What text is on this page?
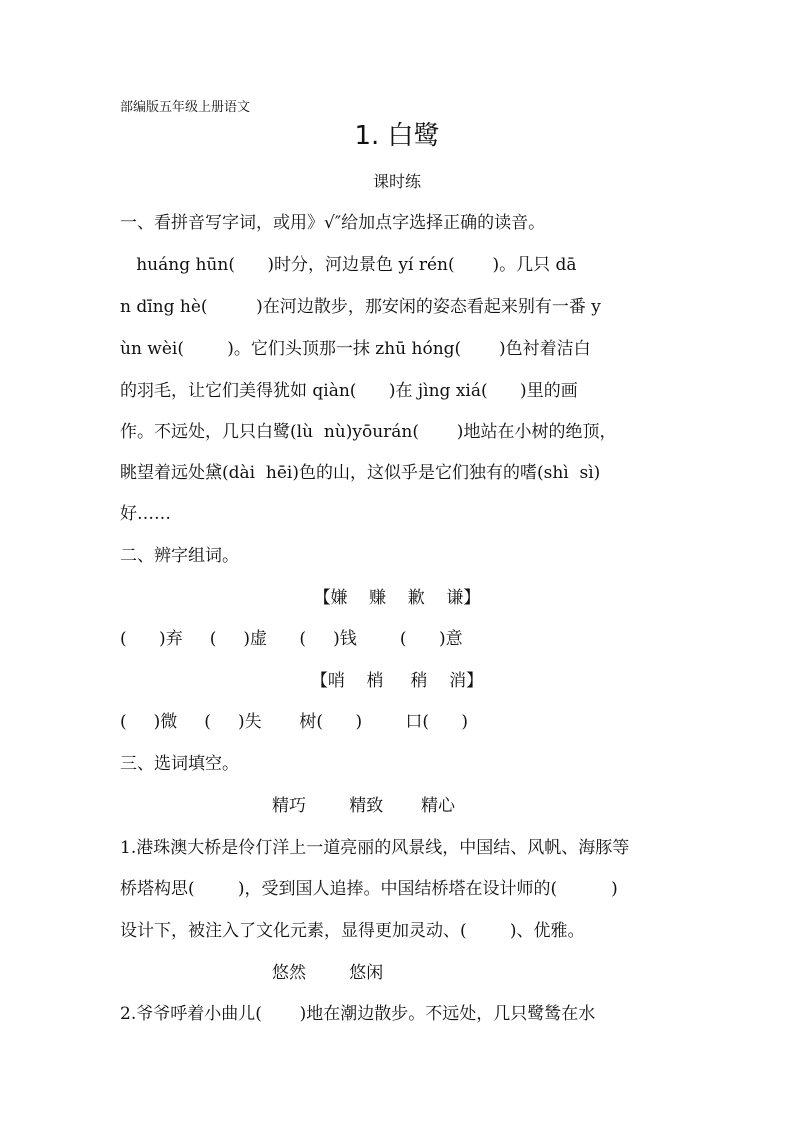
部编版五年级上册语文
1. 白鹭
课时练
一、看拼音写字词，或用》√″给加点字选择正确的读音。
huáng hūn(      )时分，河边景色 yí rén(       )。几只 dā
n dīng hè(         )在河边散步，那安闲的姿态看起来别有一番 y
ùn wèi(        )。它们头顶那一抹 zhū hóng(       )色衬着洁白
的羽毛，让它们美得犹如 qiàn(      )在 jìng xiá(      )里的画
作。不远处，几只白鹭(lù  nù)yōurán(       )地站在小树的绝顶，
眺望着远处黛(dài  hēi)色的山，这似乎是它们独有的嗜(shì  sì)
好……
二、辨字组词。
【嫌    赚    歉    谦】
(      )弃     (     )虚      (     )钱        (      )意
【哨    梢     稍    消】
(     )微     (     )失       树(      )        口(      )
三、选词填空。
精巧        精致       精心
1.港珠澳大桥是伶仃洋上一道亮丽的风景线，中国结、风帆、海豚等
桥塔构思(        )，受到国人追捧。中国结桥塔在设计师的(          )
设计下，被注入了文化元素，显得更加灵动、(        )、优雅。
悠然        悠闲
2.爷爷呼着小曲儿(       )地在潮边散步。不远处，几只鹭鸶在水
